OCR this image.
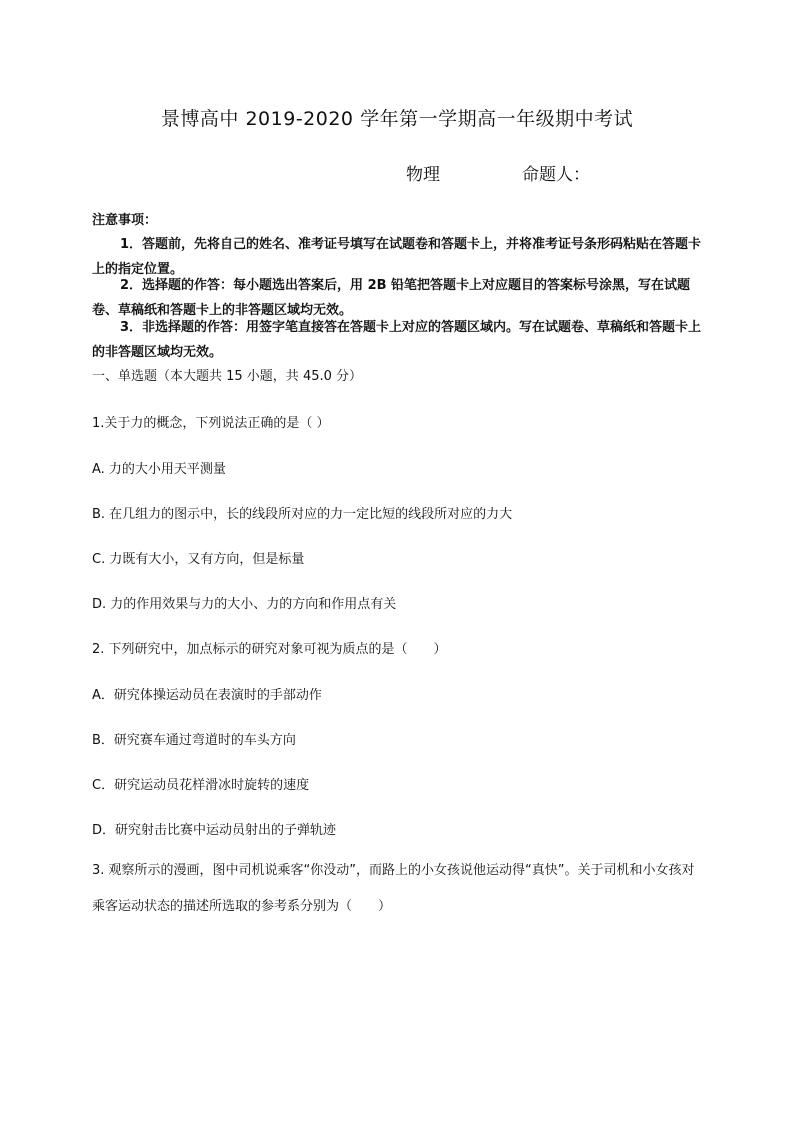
景博高中 2019-2020 学年第一学期高一年级期中考试
物理	命题人：
注意事项：
1．答题前，先将自己的姓名、准考证号填写在试题卷和答题卡上，并将准考证号条形码粘贴在答题卡上的指定位置。
2．选择题的作答：每小题选出答案后，用 2B 铅笔把答题卡上对应题目的答案标号涂黑，写在试题卷、草稿纸和答题卡上的非答题区域均无效。
3．非选择题的作答：用签字笔直接答在答题卡上对应的答题区域内。写在试题卷、草稿纸和答题卡上的非答题区域均无效。
一、单选题（本大题共 15 小题，共 45.0 分）
1.关于力的概念，下列说法正确的是（ ）
A. 力的大小用天平测量
B. 在几组力的图示中，长的线段所对应的力一定比短的线段所对应的力大
C. 力既有大小，又有方向，但是标量
D. 力的作用效果与力的大小、力的方向和作用点有关
2. 下列研究中，加点标示的研究对象可视为质点的是（　　）
A．研究体操运动员在表演时的手部动作
B．研究赛车通过弯道时的车头方向
C．研究运动员花样滑冰时旋转的速度
D．研究射击比赛中运动员射出的子弹轨迹
3. 观察所示的漫画，图中司机说乘客“你没动”，而路上的小女孩说他运动得“真快”。关于司机和小女孩对乘客运动状态的描述所选取的参考系分别为（　　）
